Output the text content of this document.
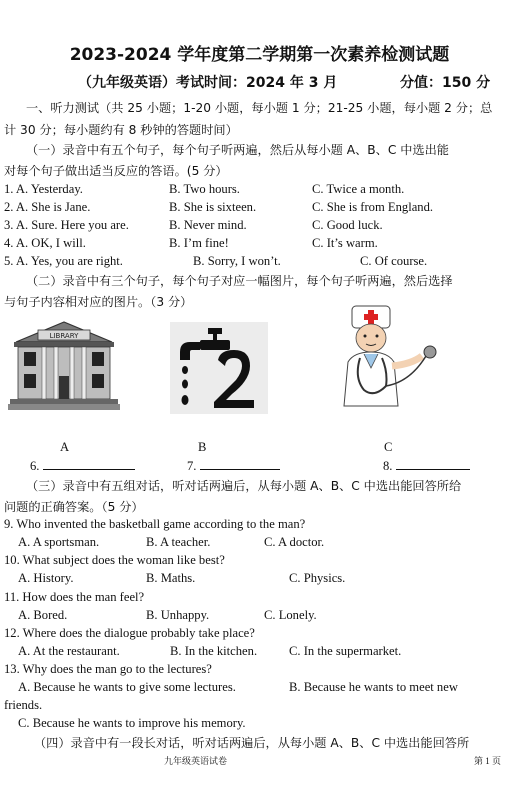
2023-2024 学年度第二学期第一次素养检测试题
（九年级英语）考试时间：2024 年 3 月	分值：150 分
一、听力测试（共 25 小题；1-20 小题，每小题 1 分；21-25 小题，每小题 2 分；总
计 30 分；每小题约有 8 秒钟的答题时间）
（一）录音中有五个句子，每个句子听两遍，然后从每小题 A、B、C 中选出能
对每个句子做出适当反应的答语。(5 分）
1. A. Yesterday.	B. Two hours.	C. Twice a month.
2. A. She is Jane.	B. She is sixteen.	C. She is from England.
3. A. Sure. Here you are.	B. Never mind.	C. Good luck.
4. A. OK, I will.	B. I’m fine!	C. It’s warm.
5. A. Yes, you are right.	B. Sorry, I won’t.	C. Of course.
（二）录音中有三个句子，每个句子对应一幅图片，每个句子听两遍，然后选择
与句子内容相对应的图片。（3 分）
LIBRARY
A	B	C
6.	7.	8.
（三）录音中有五组对话，听对话两遍后，从每小题 A、B、C 中选出能回答所给
问题的正确答案。（5 分）
9. Who invented the basketball game according to the man?
A. A sportsman.	B. A teacher.	C. A doctor.
10. What subject does the woman like best?
A. History.	B. Maths.	C. Physics.
11. How does the man feel?
A. Bored.	B. Unhappy.	C. Lonely.
12. Where does the dialogue probably take place?
A. At the restaurant.	B. In the kitchen.	C. In the supermarket.
13. Why does the man go to the lectures?
A. Because he wants to give some lectures.	B. Because he wants to meet new
friends.
C. Because he wants to improve his memory.
（四）录音中有一段长对话，听对话两遍后，从每小题 A、B、C 中选出能回答所
九年级英语试卷	第 1 页
